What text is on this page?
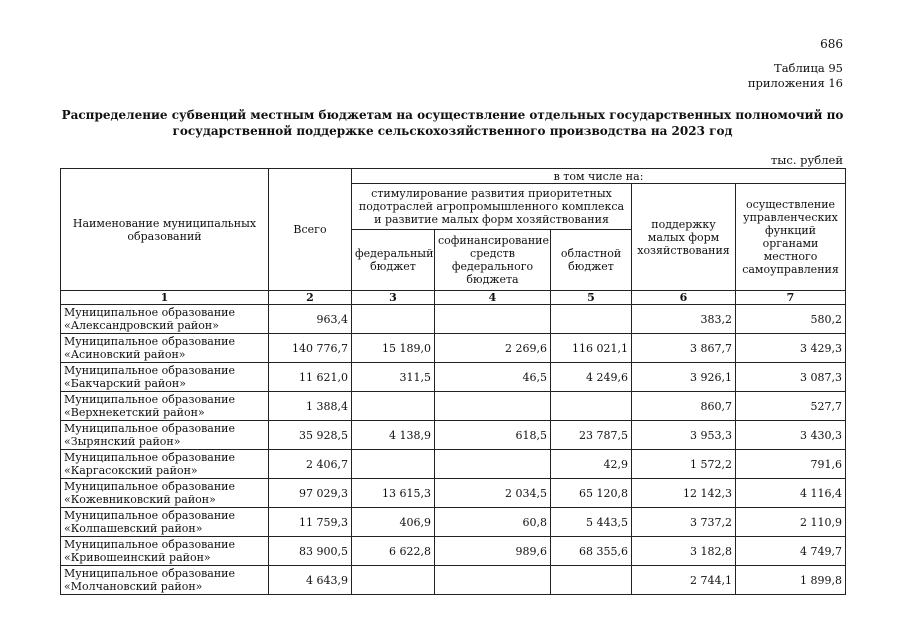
686
Таблица 95
приложения 16
Распределение субвенций местным бюджетам на осуществление отдельных государственных полномочий по государственной поддержке сельскохозяйственного производства на 2023 год
тыс. рублей
Наименование муниципальных образований	Всего	в том числе на:				
		стимулирование развития приоритетных подотраслей агропромышленного комплекса и развитие малых форм хозяйствования			поддержку малых форм хозяйствования	осуществление управленческих функций органами местного самоуправления
		федеральный бюджет	софинансирование средств федерального бюджета	областной бюджет		
1	2	3	4	5	6	7

Муниципальное образование
«Александровский район»	963,4				383,2	580,2

Муниципальное образование
«Асиновский район»	140 776,7	15 189,0	2 269,6	116 021,1	3 867,7	3 429,3

Муниципальное образование
«Бакчарский район»	11 621,0	311,5	46,5	4 249,6	3 926,1	3 087,3

Муниципальное образование
«Верхнекетский район»	1 388,4				860,7	527,7

Муниципальное образование
«Зырянский район»	35 928,5	4 138,9	618,5	23 787,5	3 953,3	3 430,3

Муниципальное образование
«Каргасокский район»	2 406,7			42,9	1 572,2	791,6

Муниципальное образование
«Кожевниковский район»	97 029,3	13 615,3	2 034,5	65 120,8	12 142,3	4 116,4

Муниципальное образование
«Колпашевский район»	11 759,3	406,9	60,8	5 443,5	3 737,2	2 110,9

Муниципальное образование
«Кривошеинский район»	83 900,5	6 622,8	989,6	68 355,6	3 182,8	4 749,7

Муниципальное образование
«Молчановский район»	4 643,9				2 744,1	1 899,8
